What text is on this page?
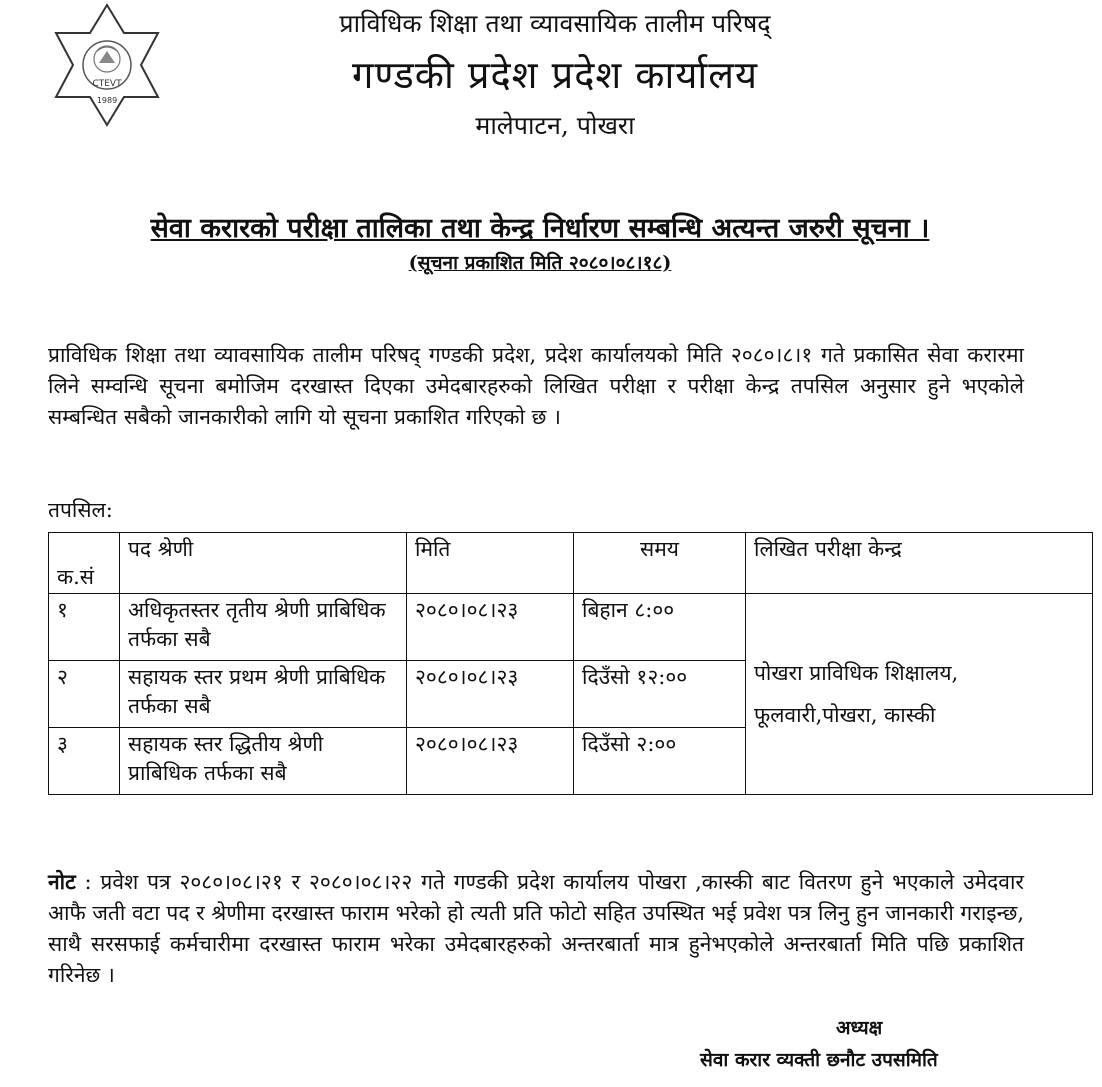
CTEVT
1989
प्राविधिक शिक्षा तथा व्यावसायिक तालीम परिषद्
गण्डकी प्रदेश प्रदेश कार्यालय
मालेपाटन, पोखरा
सेवा करारको परीक्षा तालिका तथा केन्द्र निर्धारण सम्बन्धि अत्यन्त जरुरी सूचना ।
(सूचना प्रकाशित मिति २०८०।०८।१८)
प्राविधिक शिक्षा तथा व्यावसायिक तालीम परिषद् गण्डकी प्रदेश, प्रदेश कार्यालयको मिति २०८०।८।१ गते प्रकासित सेवा करारमा लिने सम्वन्धि सूचना बमोजिम दरखास्त दिएका उमेदबारहरुको लिखित परीक्षा र परीक्षा केन्द्र तपसिल अनुसार हुने भएकोले सम्बन्धित सबैको जानकारीको लागि यो सूचना प्रकाशित गरिएको छ ।
तपसिल:
क.सं	पद श्रेणी	मिति	समय	लिखित परीक्षा केन्द्र
१	अधिकृतस्तर तृतीय श्रेणी प्राबिधिक तर्फका सबै	२०८०।०८।२३	बिहान ८:००	पोखरा प्राविधिक शिक्षालय, फूलवारी,पोखरा, कास्की
२	सहायक स्तर प्रथम श्रेणी प्राबिधिक तर्फका सबै	२०८०।०८।२३	दिउँसो १२:००	
३	सहायक स्तर द्धितीय श्रेणी प्राबिधिक तर्फका सबै	२०८०।०८।२३	दिउँसो २:००	
नोट : प्रवेश पत्र २०८०।०८।२१ र २०८०।०८।२२ गते गण्डकी प्रदेश कार्यालय पोखरा ,कास्की बाट वितरण हुने भएकाले उमेदवार आफै जती वटा पद र श्रेणीमा दरखास्त फाराम भरेको हो त्यती प्रति फोटो सहित उपस्थित भई प्रवेश पत्र लिनु हुन जानकारी गराइन्छ, साथै सरसफाई कर्मचारीमा दरखास्त फाराम भरेका उमेदबारहरुको अन्तरबार्ता मात्र हुनेभएकोले अन्तरबार्ता मिति पछि प्रकाशित गरिनेछ ।
अध्यक्ष
सेवा करार व्यक्ती छनौट उपसमिति
